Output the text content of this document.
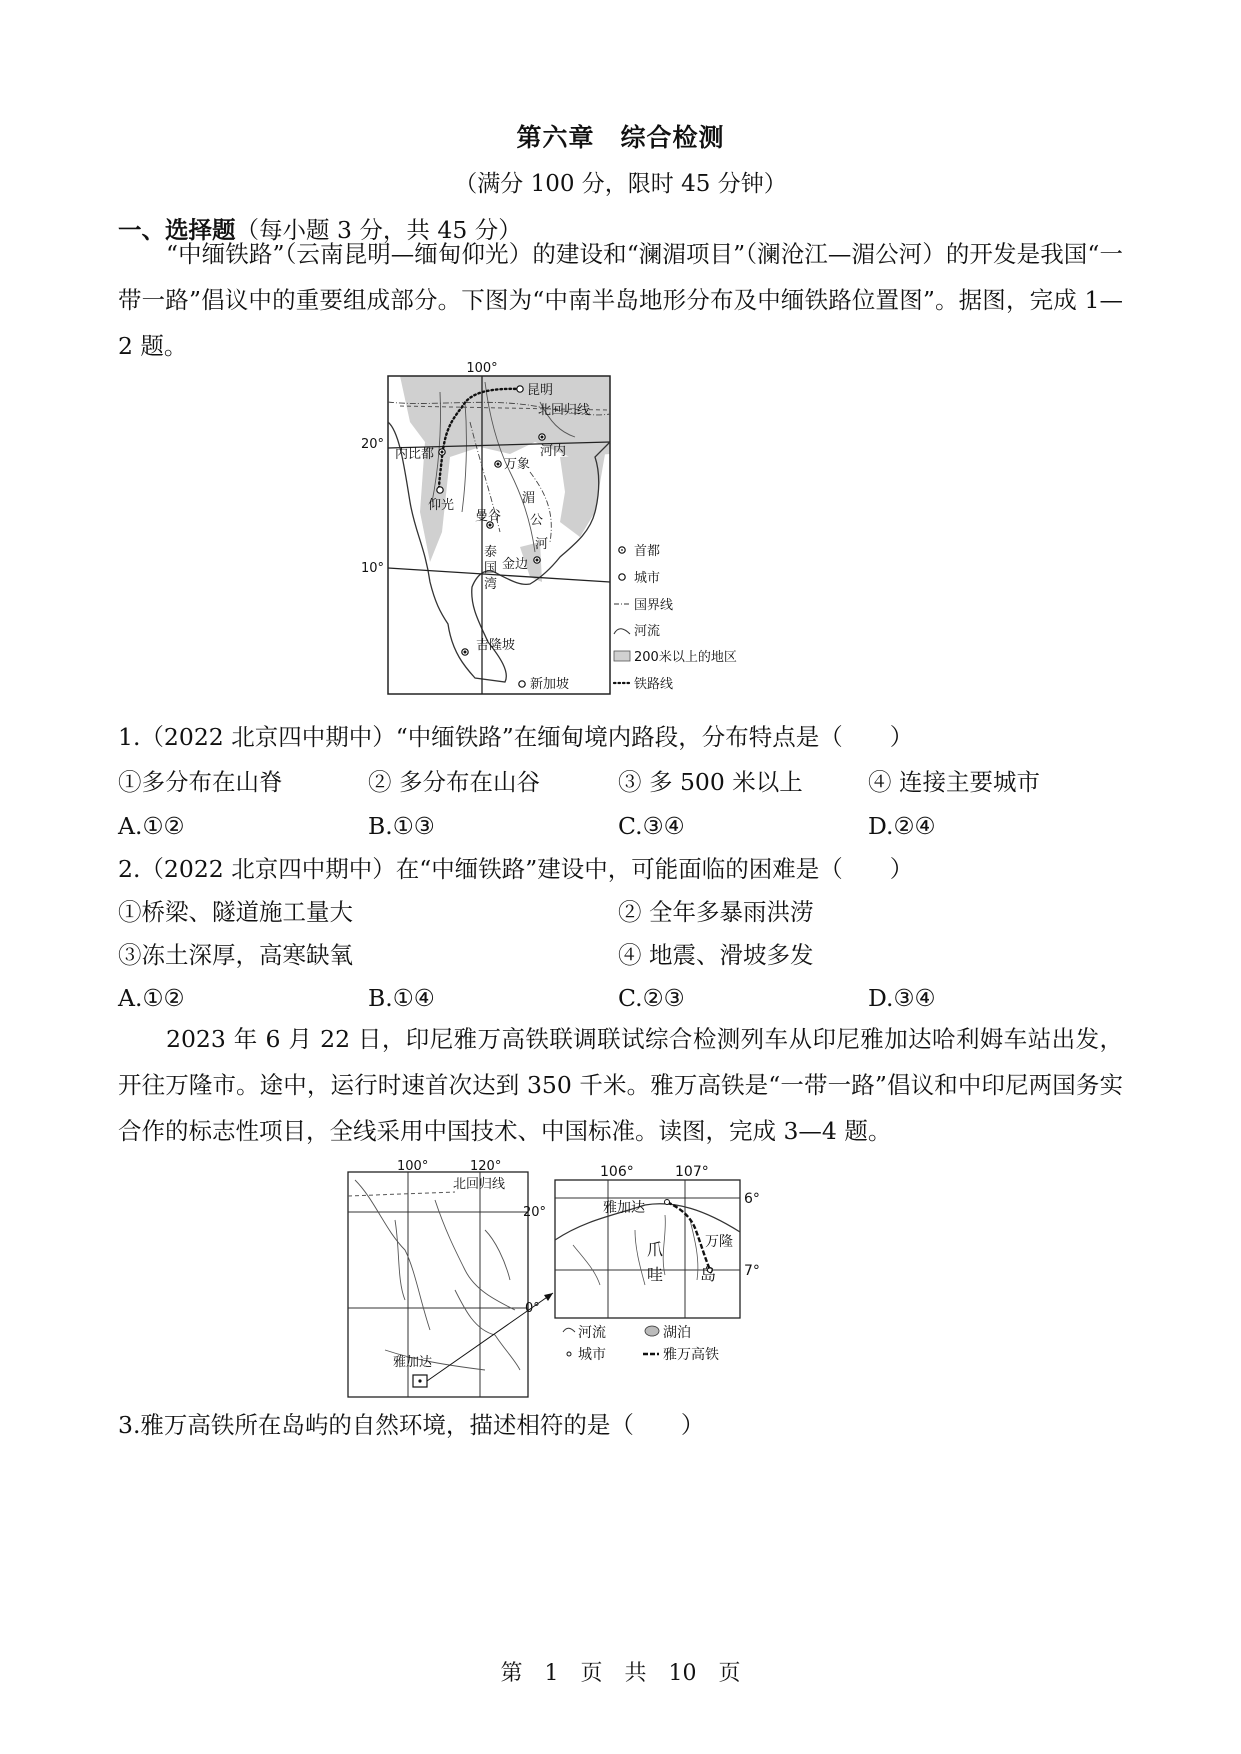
第六章　综合检测
（满分 100 分，限时 45 分钟）
一、选择题（每小题 3 分，共 45 分）
“中缅铁路”（云南昆明—缅甸仰光）的建设和“澜湄项目”（澜沧江—湄公河）的开发是我国“一带一路”倡议中的重要组成部分。下图为“中南半岛地形分布及中缅铁路位置图”。据图，完成 1—2 题。
100°
20°
10°
昆明
北回归线
河内
内比都
万象
仰光
曼谷
湄
公
河
泰
国
湾
金边
吉隆坡
新加坡
首都
城市
国界线
河流
200米以上的地区
铁路线
1.（2022 北京四中期中）“中缅铁路”在缅甸境内路段，分布特点是（　　）
①多分布在山脊	② 多分布在山谷	③ 多 500 米以上	④ 连接主要城市
A.①②	B.①③	C.③④	D.②④
2.（2022 北京四中期中）在“中缅铁路”建设中，可能面临的困难是（　　）
①桥梁、隧道施工量大	② 全年多暴雨洪涝
③冻土深厚，高寒缺氧	④ 地震、滑坡多发
A.①②	B.①④	C.②③	D.③④
2023 年 6 月 22 日，印尼雅万高铁联调联试综合检测列车从印尼雅加达哈利姆车站出发，开往万隆市。途中，运行时速首次达到 350 千米。雅万高铁是“一带一路”倡议和中印尼两国务实合作的标志性项目，全线采用中国技术、中国标准。读图，完成 3—4 题。
100°	120°
北回归线
20°
0°
雅加达
106°	107°
6°
7°
雅加达
万隆
爪
哇 岛
河流	湖泊
城市	雅万高铁
3.雅万高铁所在岛屿的自然环境，描述相符的是（　　）
第　1　页　共　10　页
